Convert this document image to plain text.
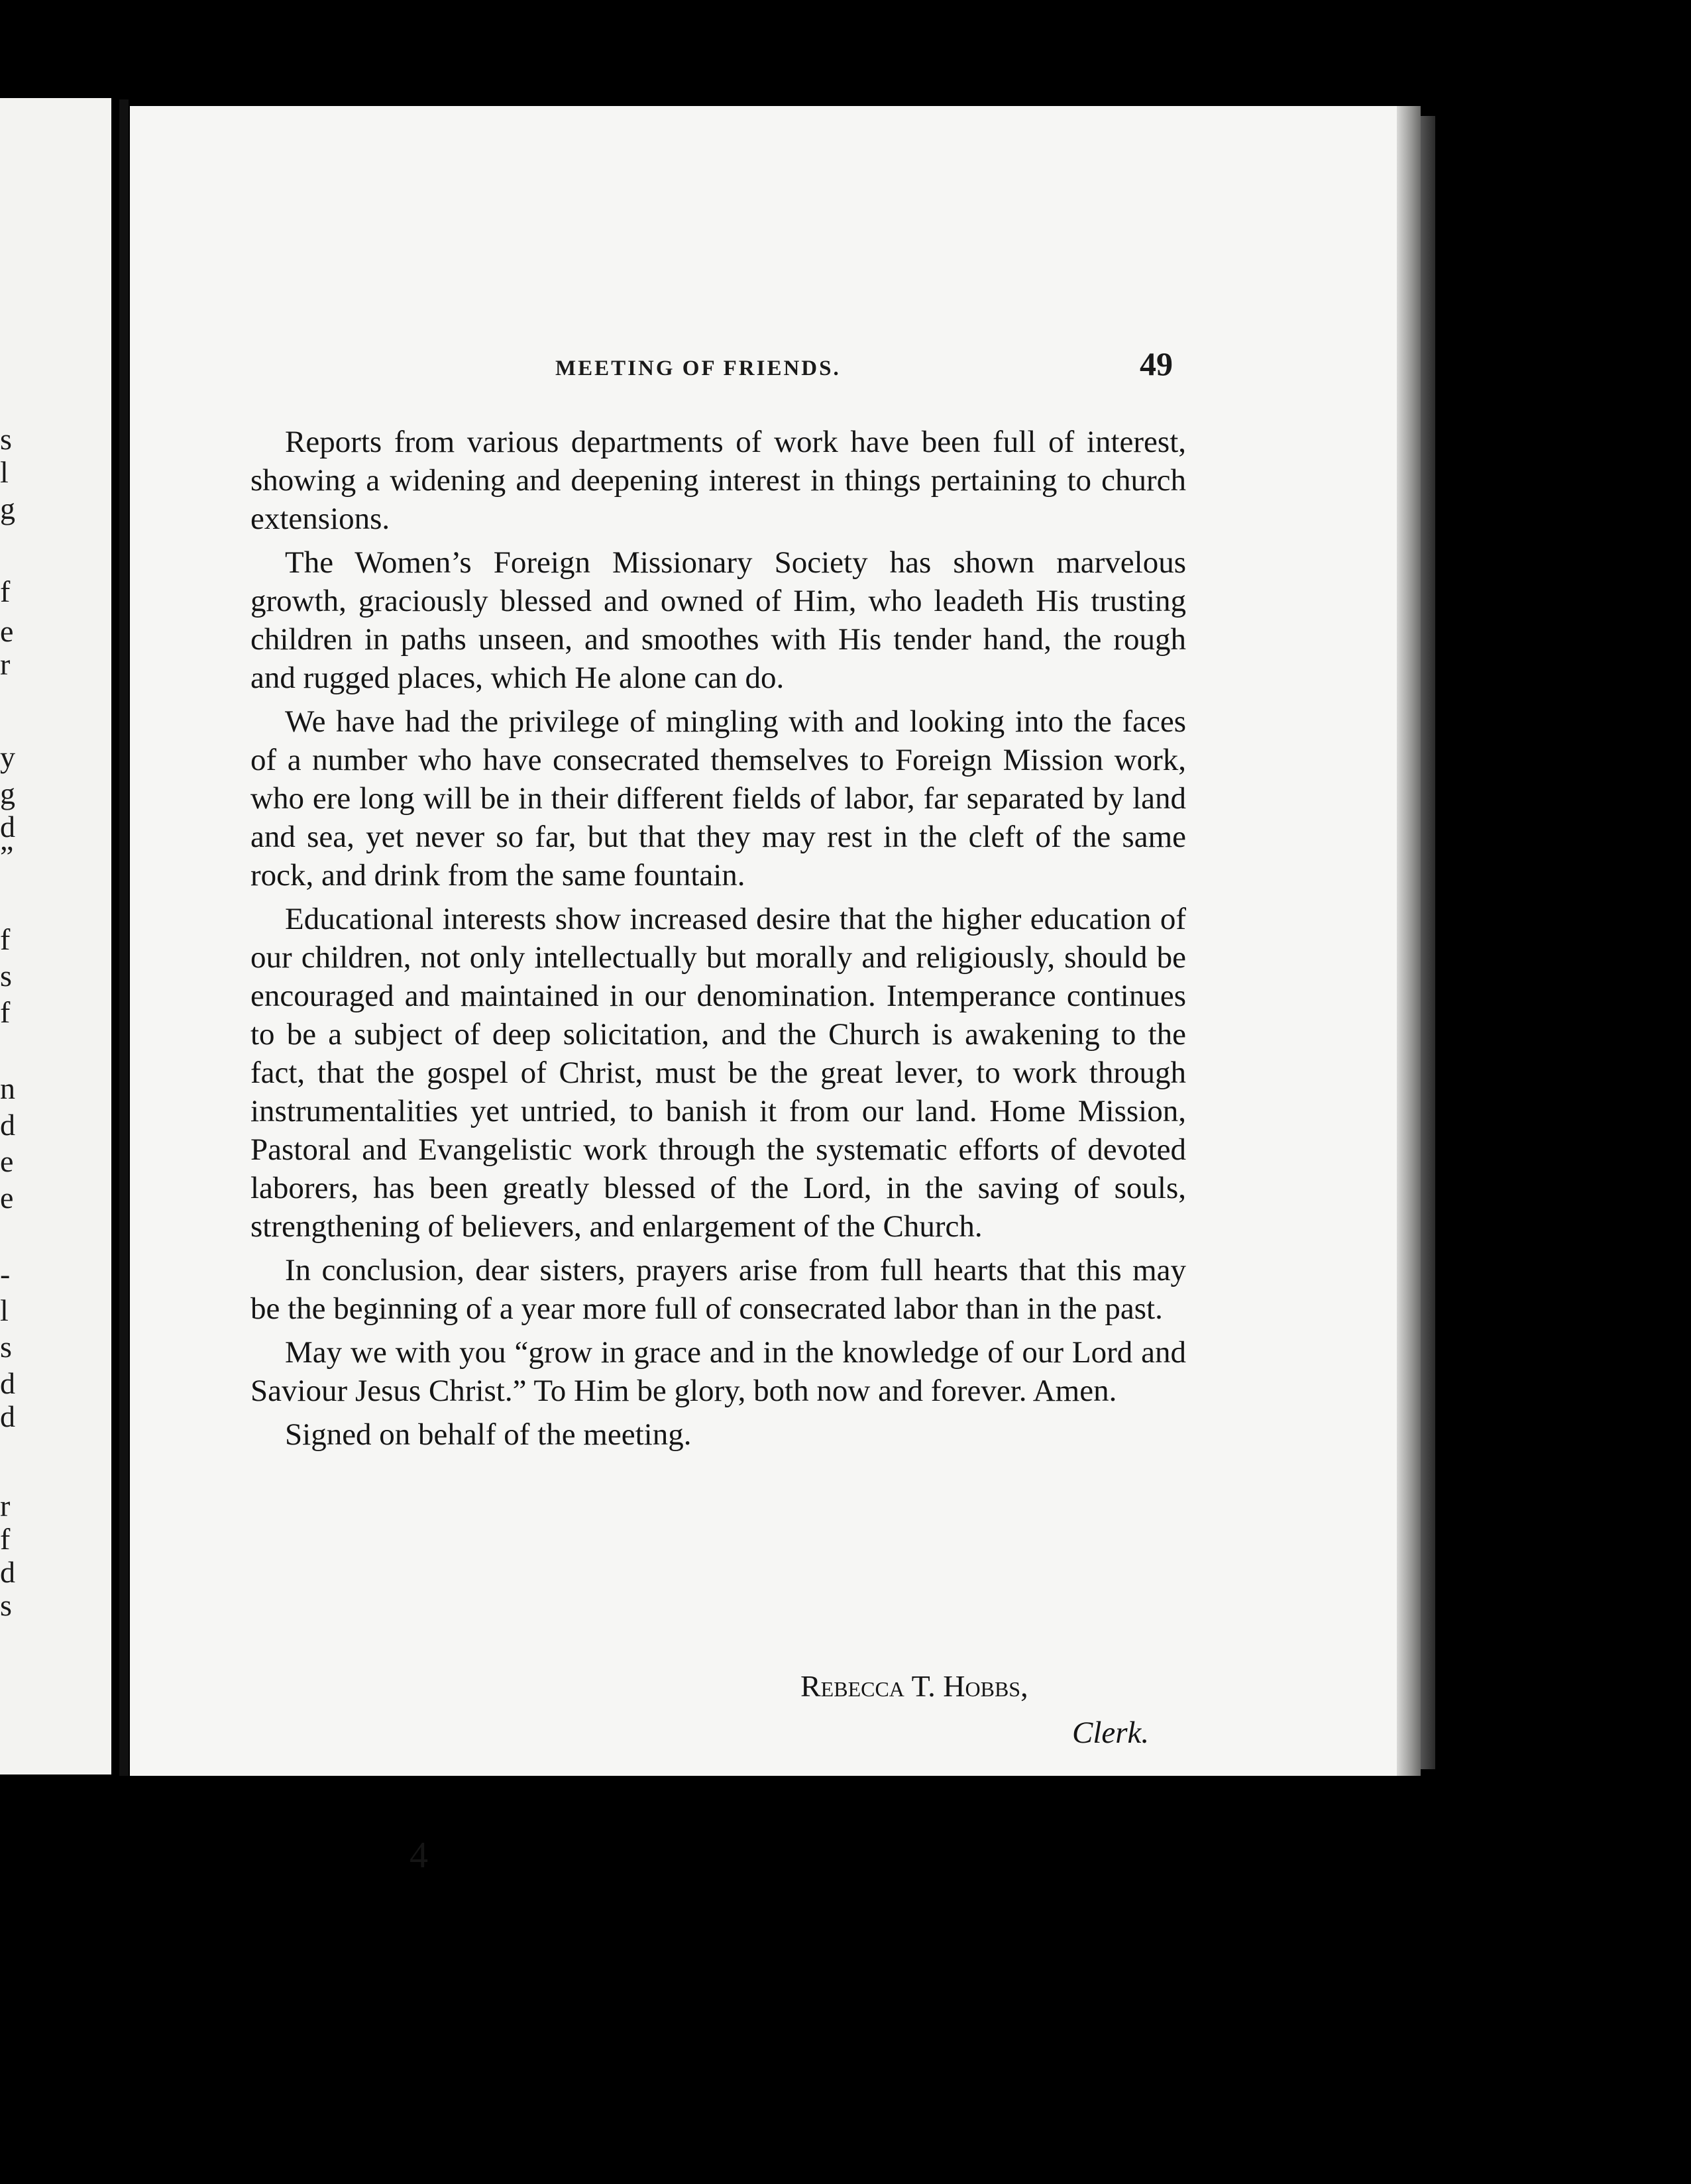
s
l
g
f
e
r
y
g
d
”
f
s
f
n
d
e
e
-
l
s
d
d
r
f
d
s
MEETING OF FRIENDS.	49

Reports from various departments of work have been full of interest, showing a widening and deepening interest in things pertaining to church extensions.

The Women’s Foreign Missionary Society has shown marvelous growth, graciously blessed and owned of Him, who leadeth His trusting children in paths unseen, and smoothes with His tender hand, the rough and rugged places, which He alone can do.

We have had the privilege of mingling with and looking into the faces of a number who have consecrated themselves to Foreign Mission work, who ere long will be in their different fields of labor, far separated by land and sea, yet never so far, but that they may rest in the cleft of the same rock, and drink from the same fountain.

Educational interests show increased desire that the higher education of our children, not only intellectually but morally and religiously, should be encouraged and maintained in our denomination. Intemperance continues to be a subject of deep solicitation, and the Church is awakening to the fact, that the gospel of Christ, must be the great lever, to work through instrumentalities yet untried, to banish it from our land. Home Mission, Pastoral and Evangelistic work through the systematic efforts of devoted laborers, has been greatly blessed of the Lord, in the saving of souls, strengthening of believers, and enlargement of the Church.

In conclusion, dear sisters, prayers arise from full hearts that this may be the beginning of a year more full of consecrated labor than in the past.

May we with you “grow in grace and in the knowledge of our Lord and Saviour Jesus Christ.” To Him be glory, both now and forever. Amen.

Signed on behalf of the meeting.

Rebecca T. Hobbs,
Clerk.
4
